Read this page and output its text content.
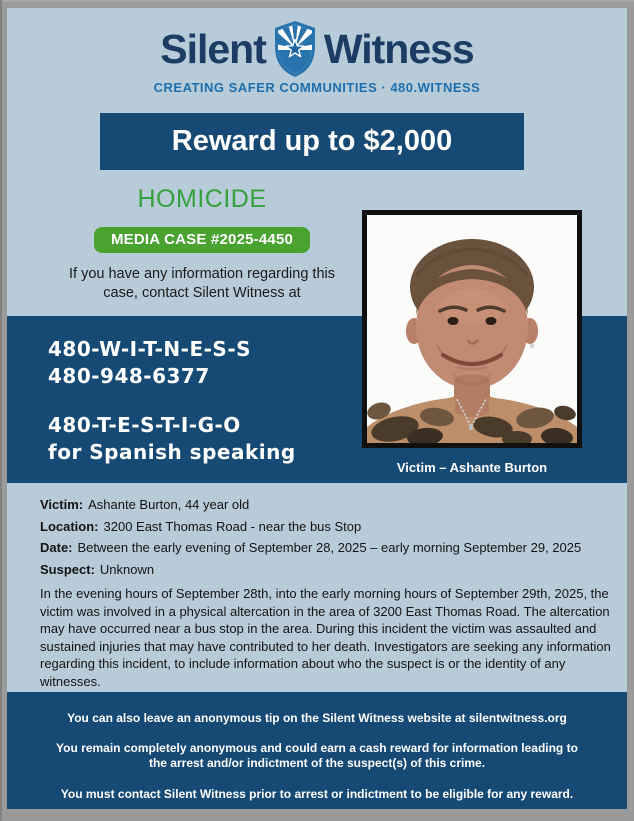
Silent Witness
CREATING SAFER COMMUNITIES · 480.WITNESS
Reward up to $2,000
HOMICIDE
MEDIA CASE #2025-4450
If you have any information regarding this case, contact Silent Witness at

480-W-I-T-N-E-S-S
480-948-6377

480-T-E-S-T-I-G-O
for Spanish speaking

Victim – Ashante Burton
Victim: Ashante Burton, 44 year old
Location: 3200 East Thomas Road - near the bus Stop
Date: Between the early evening of September 28, 2025 – early morning September 29, 2025
Suspect: Unknown

In the evening hours of September 28th, into the early morning hours of September 29th, 2025, the victim was involved in a physical altercation in the area of 3200 East Thomas Road. The altercation may have occurred near a bus stop in the area. During this incident the victim was assaulted and sustained injuries that may have contributed to her death. Investigators are seeking any information regarding this incident, to include information about who the suspect is or the identity of any witnesses.

You can also leave an anonymous tip on the Silent Witness website at silentwitness.org

You remain completely anonymous and could earn a cash reward for information leading to the arrest and/or indictment of the suspect(s) of this crime.

You must contact Silent Witness prior to arrest or indictment to be eligible for any reward.
